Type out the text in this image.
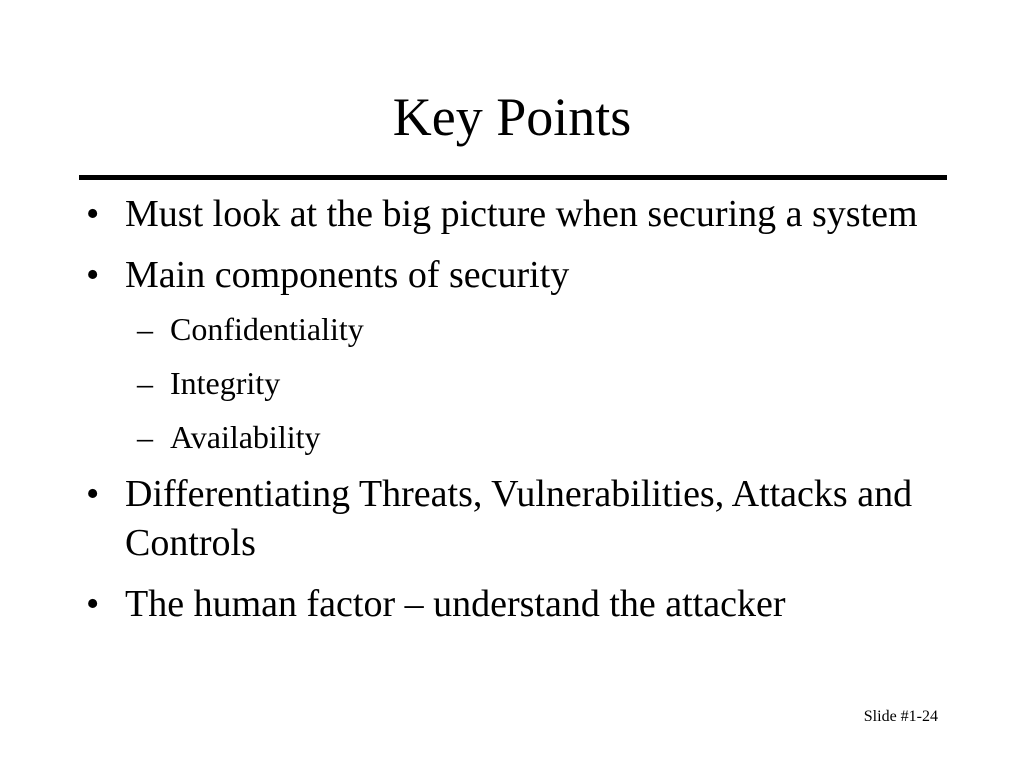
Key Points
• Must look at the big picture when securing a system
• Main components of security
– Confidentiality
– Integrity
– Availability
• Differentiating Threats, Vulnerabilities, Attacks and Controls
• The human factor – understand the attacker
Slide #1-24
